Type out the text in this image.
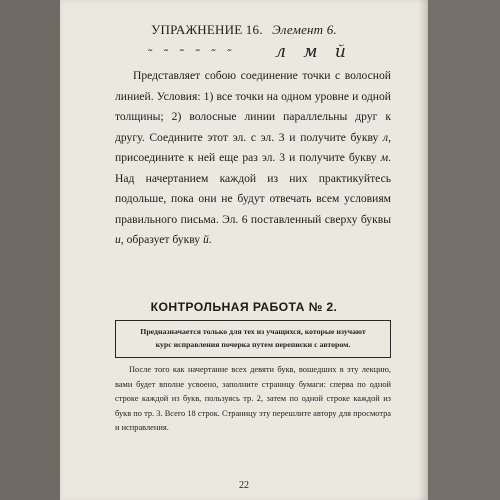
УПРАЖНЕНИЕ 16. Элемент 6.
˜ ˜ ˜ ˜ ˜ ˜ л м й
Представляет собою соединение точки с волосной линией. Условия: 1) все точки на одном уровне и одной толщины; 2) волосные линии параллельны друг к другу. Соедините этот эл. с эл. 3 и получите букву л, присоедините к ней еще раз эл. 3 и получите букву м. Над начертанием каждой из них практикуйтесь подольше, пока они не будут отвечать всем условиям правильного письма. Эл. 6 поставленный сверху буквы и, образует букву й.
КОНТРОЛЬНАЯ РАБОТА № 2.
Предназначается только для тех из учащихся, которые изучают
курс исправления почерка путем переписки с автором.
После того как начертание всех девяти букв, вошедших в эту лекцию, вами будет вполне усвоено, заполните страницу бумаги: сперва по одной строке каждой из букв, пользуясь тр. 2, затем по одной строке каждой из букв по тр. 3. Всего 18 строк. Страницу эту перешлите автору для просмотра и исправления.
22
